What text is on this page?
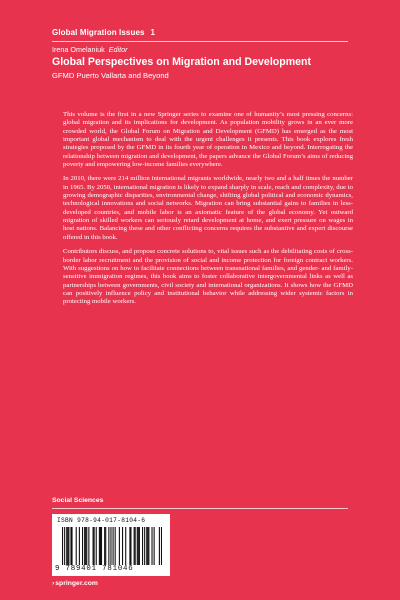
Global Migration Issues 1
Irena Omelaniuk Editor
Global Perspectives on Migration and Development
GFMD Puerto Vallarta and Beyond

This volume is the first in a new Springer series to examine one of humanity’s most pressing concerns: global migration and its implications for development. As population mobility grows in an ever more crowded world, the Global Forum on Migration and Development (GFMD) has emerged as the most important global mechanism to deal with the urgent challenges it presents. This book explores fresh strategies proposed by the GFMD in its fourth year of operation in Mexico and beyond. Interrogating the relationship between migration and development, the papers advance the Global Forum’s aims of reducing poverty and empowering low-income families everywhere.

In 2010, there were 214 million international migrants worldwide, nearly two and a half times the number in 1965. By 2050, international migration is likely to expand sharply in scale, reach and complexity, due to growing demographic disparities, environmental change, shifting global political and economic dynamics, technological innovations and social networks. Migration can bring substantial gains to families in less-developed countries, and mobile labor is an axiomatic feature of the global economy. Yet outward migration of skilled workers can seriously retard development at home, and exert pressure on wages in host nations. Balancing these and other conflicting concerns requires the substantive and expert discourse offered in this book.

Contributors discuss, and propose concrete solutions to, vital issues such as the debilitating costs of cross-border labor recruitment and the provision of social and income protection for foreign contract workers. With suggestions on how to facilitate connections between transnational families, and gender- and family-sensitive immigration regimes, this book aims to foster collaborative intergovernmental links as well as partnerships between governments, civil society and international organizations. It shows how the GFMD can positively influence policy and institutional behavior while addressing wider systemic factors in protecting mobile workers.

Social Sciences
ISBN 978-94-017-8104-6
9 789401 781046
›springer.com
